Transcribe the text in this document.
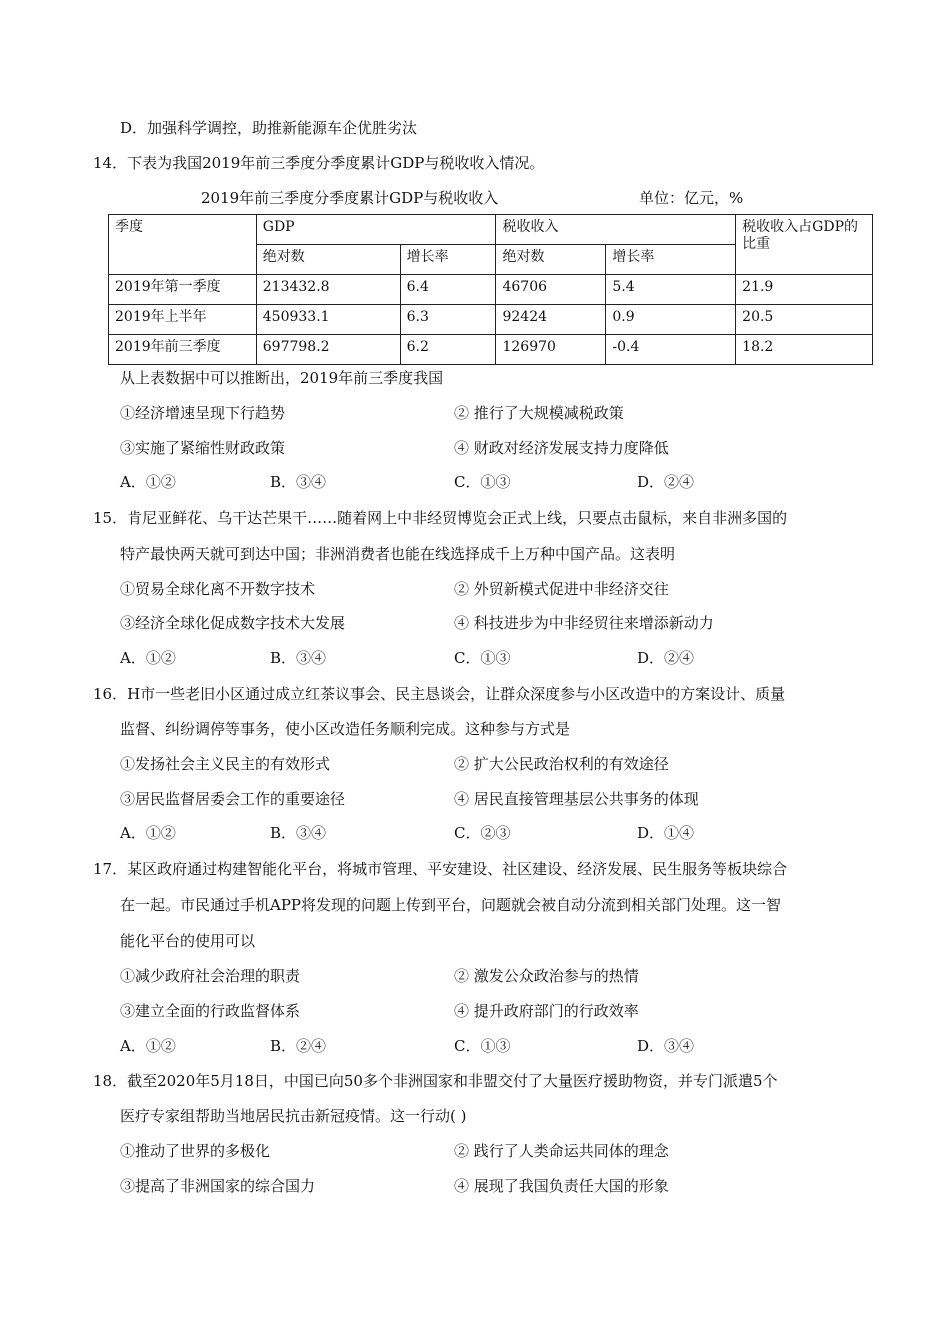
D．加强科学调控，助推新能源车企优胜劣汰
14．下表为我国2019年前三季度分季度累计GDP与税收收入情况。
2019年前三季度分季度累计GDP与税收收入	单位：亿元，%
季度	GDP		税收收入		税收收入占GDP的比重
	绝对数	增长率	绝对数	增长率	
2019年第一季度	213432.8	6.4	46706	5.4	21.9
2019年上半年	450933.1	6.3	92424	0.9	20.5
2019年前三季度	697798.2	6.2	126970	-0.4	18.2
从上表数据中可以推断出，2019年前三季度我国
①经济增速呈现下行趋势	② 推行了大规模减税政策
③实施了紧缩性财政政策	④ 财政对经济发展支持力度降低
A．①②	B．③④	C．①③	D．②④
15．肯尼亚鲜花、乌干达芒果干……随着网上中非经贸博览会正式上线，只要点击鼠标，来自非洲多国的
特产最快两天就可到达中国；非洲消费者也能在线选择成千上万种中国产品。这表明
①贸易全球化离不开数字技术	② 外贸新模式促进中非经济交往
③经济全球化促成数字技术大发展	④ 科技进步为中非经贸往来增添新动力
A．①②	B．③④	C．①③	D．②④
16．H市一些老旧小区通过成立红茶议事会、民主恳谈会，让群众深度参与小区改造中的方案设计、质量
监督、纠纷调停等事务，使小区改造任务顺利完成。这种参与方式是
①发扬社会主义民主的有效形式	② 扩大公民政治权利的有效途径
③居民监督居委会工作的重要途径	④ 居民直接管理基层公共事务的体现
A．①②	B．③④	C．②③	D．①④
17．某区政府通过构建智能化平台，将城市管理、平安建设、社区建设、经济发展、民生服务等板块综合
在一起。市民通过手机APP将发现的问题上传到平台，问题就会被自动分流到相关部门处理。这一智
能化平台的使用可以
①减少政府社会治理的职责	② 激发公众政治参与的热情
③建立全面的行政监督体系	④ 提升政府部门的行政效率
A．①②	B．②④	C．①③	D．③④
18．截至2020年5月18日，中国已向50多个非洲国家和非盟交付了大量医疗援助物资，并专门派遣5个
医疗专家组帮助当地居民抗击新冠疫情。这一行动( )
①推动了世界的多极化	② 践行了人类命运共同体的理念
③提高了非洲国家的综合国力	④ 展现了我国负责任大国的形象
